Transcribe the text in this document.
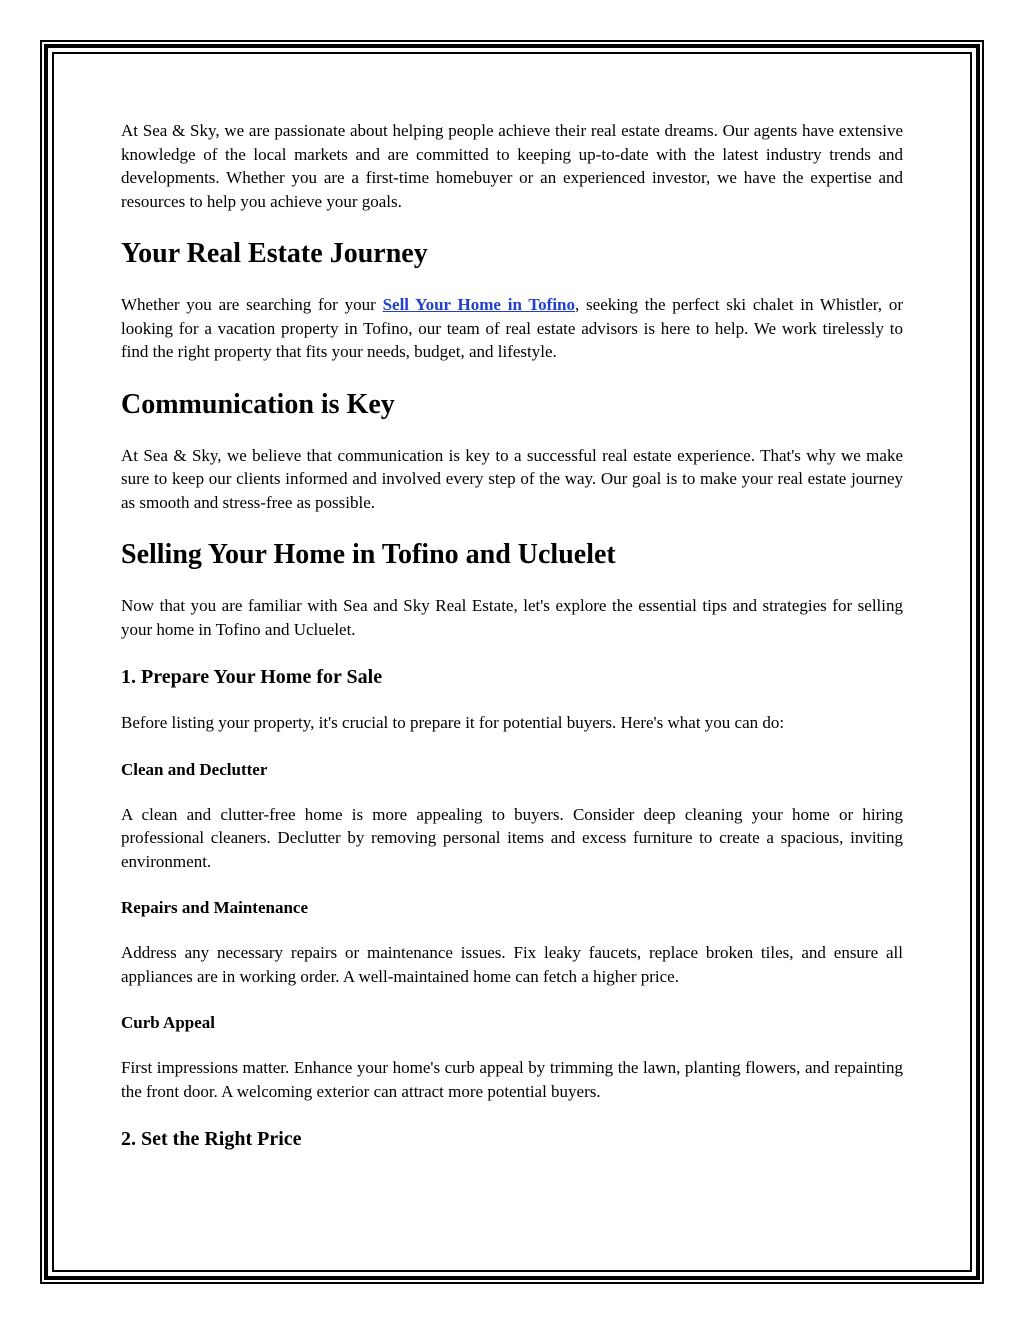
At Sea & Sky, we are passionate about helping people achieve their real estate dreams. Our agents have extensive knowledge of the local markets and are committed to keeping up-to-date with the latest industry trends and developments. Whether you are a first-time homebuyer or an experienced investor, we have the expertise and resources to help you achieve your goals.

Your Real Estate Journey

Whether you are searching for your Sell Your Home in Tofino, seeking the perfect ski chalet in Whistler, or looking for a vacation property in Tofino, our team of real estate advisors is here to help. We work tirelessly to find the right property that fits your needs, budget, and lifestyle.

Communication is Key

At Sea & Sky, we believe that communication is key to a successful real estate experience. That's why we make sure to keep our clients informed and involved every step of the way. Our goal is to make your real estate journey as smooth and stress-free as possible.

Selling Your Home in Tofino and Ucluelet

Now that you are familiar with Sea and Sky Real Estate, let's explore the essential tips and strategies for selling your home in Tofino and Ucluelet.

1. Prepare Your Home for Sale

Before listing your property, it's crucial to prepare it for potential buyers. Here's what you can do:

Clean and Declutter

A clean and clutter-free home is more appealing to buyers. Consider deep cleaning your home or hiring professional cleaners. Declutter by removing personal items and excess furniture to create a spacious, inviting environment.

Repairs and Maintenance

Address any necessary repairs or maintenance issues. Fix leaky faucets, replace broken tiles, and ensure all appliances are in working order. A well-maintained home can fetch a higher price.

Curb Appeal

First impressions matter. Enhance your home's curb appeal by trimming the lawn, planting flowers, and repainting the front door. A welcoming exterior can attract more potential buyers.

2. Set the Right Price
